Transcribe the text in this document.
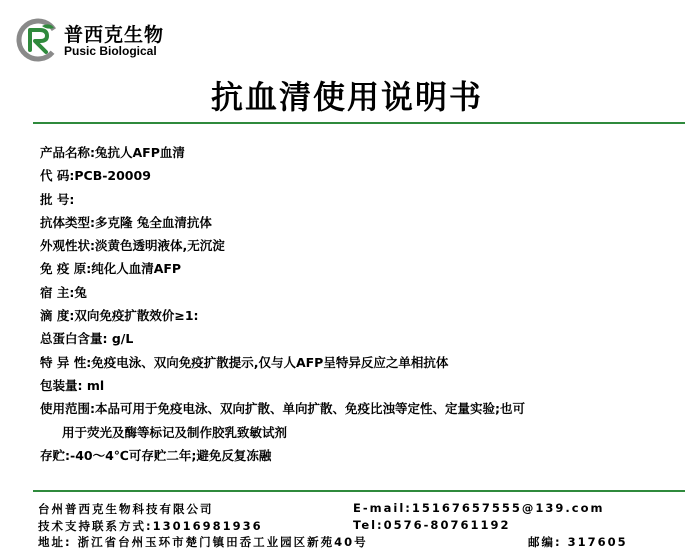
普西克生物
Pusic Biological
抗血清使用说明书
产品名称:兔抗人AFP血清
代 码:PCB-20009
批 号:
抗体类型:多克隆 兔全血清抗体
外观性状:淡黄色透明液体,无沉淀
免 疫 原:纯化人血清AFP
宿 主:兔
滴 度:双向免疫扩散效价≥1:
总蛋白含量: g/L
特 异 性:免疫电泳、双向免疫扩散提示,仅与人AFP呈特异反应之单相抗体
包装量: ml
使用范围:本品可用于免疫电泳、双向扩散、单向扩散、免疫比浊等定性、定量实验;也可
用于荧光及酶等标记及制作胶乳致敏试剂
存贮:-40～4℃可存贮二年;避免反复冻融
台州普西克生物科技有限公司	E-mail:15167657555@139.com
技术支持联系方式:13016981936	Tel:0576-80761192
地址: 浙江省台州玉环市楚门镇田岙工业园区新苑40号	邮编: 317605
